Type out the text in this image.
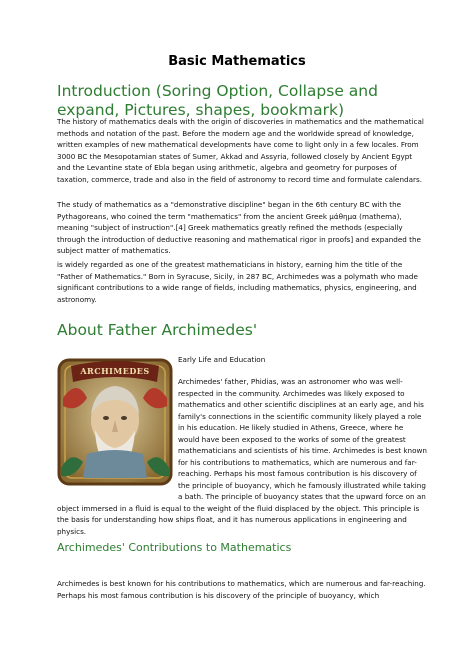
Basic Mathematics
Introduction (Soring Option, Collapse and expand, Pictures, shapes, bookmark)

The history of mathematics deals with the origin of discoveries in mathematics and the mathematical methods and notation of the past. Before the modern age and the worldwide spread of knowledge, written examples of new mathematical developments have come to light only in a few locales. From 3000 BC the Mesopotamian states of Sumer, Akkad and Assyria, followed closely by Ancient Egypt and the Levantine state of Ebla began using arithmetic, algebra and geometry for purposes of taxation, commerce, trade and also in the field of astronomy to record time and formulate calendars.

The study of mathematics as a "demonstrative discipline" began in the 6th century BC with the Pythagoreans, who coined the term "mathematics" from the ancient Greek μάθημα (mathema), meaning "subject of instruction".[4] Greek mathematics greatly refined the methods (especially through the introduction of deductive reasoning and mathematical rigor in proofs] and expanded the subject matter of mathematics.

is widely regarded as one of the greatest mathematicians in history, earning him the title of the "Father of Mathematics." Born in Syracuse, Sicily, in 287 BC, Archimedes was a polymath who made significant contributions to a wide range of fields, including mathematics, physics, engineering, and astronomy.

About Father Archimedes'
Early Life and Education
ARCHIMEDES

Archimedes' father, Phidias, was an astronomer who was well-respected in the community. Archimedes was likely exposed to mathematics and other scientific disciplines at an early age, and his family's connections in the scientific community likely played a role in his education. He likely studied in Athens, Greece, where he would have been exposed to the works of some of the greatest mathematicians and scientists of his time. Archimedes is best known for his contributions to mathematics, which are numerous and far-reaching. Perhaps his most famous contribution is his discovery of the principle of buoyancy, which he famously illustrated while taking a bath. The principle of buoyancy states that the upward force on an object immersed in a fluid is equal to the weight of the fluid displaced by the object. This principle is the basis for understanding how ships float, and it has numerous applications in engineering and physics.

Archimedes' Contributions to Mathematics

Archimedes is best known for his contributions to mathematics, which are numerous and far-reaching. Perhaps his most famous contribution is his discovery of the principle of buoyancy, which
